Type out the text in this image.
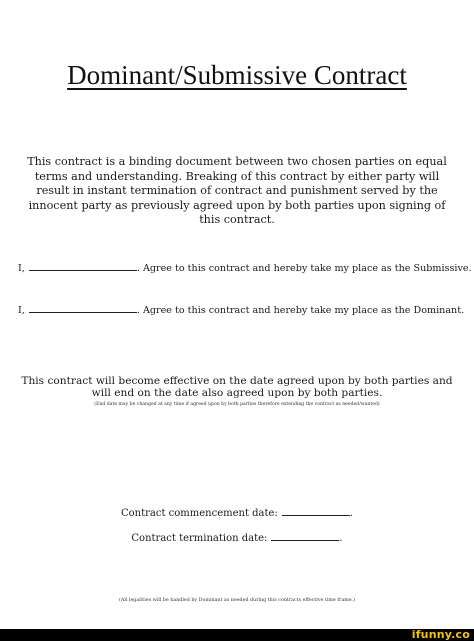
Dominant/Submissive Contract
This contract is a binding document between two chosen parties on equal terms and understanding. Breaking of this contract by either party will result in instant termination of contract and punishment served by the innocent party as previously agreed upon by both parties upon signing of this contract.
I,	. Agree to this contract and hereby take my place as the Submissive.
I,	. Agree to this contract and hereby take my place as the Dominant.
This contract will become effective on the date agreed upon by both parties and will end on the date also agreed upon by both parties.
(End date may be changed at any time if agreed upon by both parties therefore extending the contract as needed/wanted)
Contract commencement date:	.
Contract termination date:	.
(All legalities will be handled by Dominant as needed during this contracts effective time frame.)
ifunny.co
